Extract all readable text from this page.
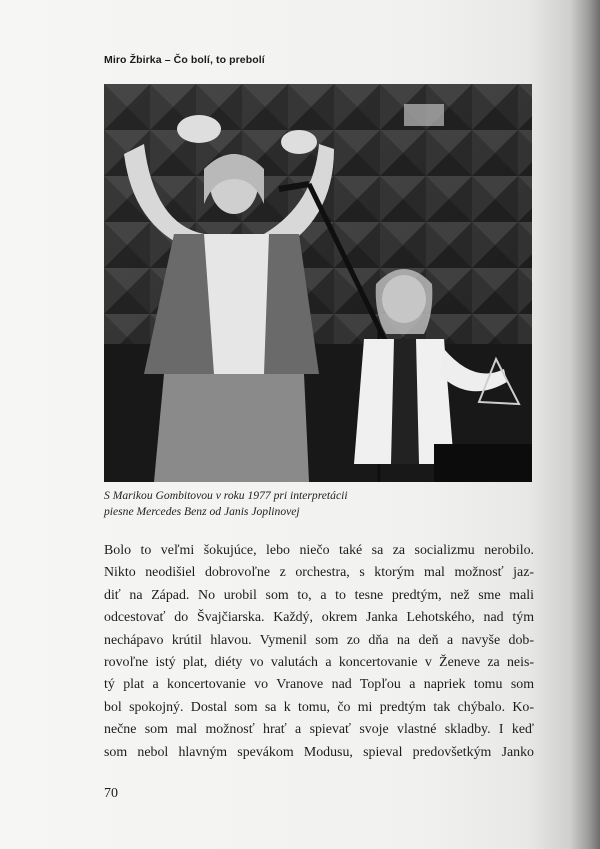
Miro Žbirka – Čo bolí, to prebolí
S Marikou Gombitovou v roku 1977 pri interpretácii
piesne Mercedes Benz od Janis Joplinovej
Bolo to veľmi šokujúce, lebo niečo také sa za socializmu nerobilo.
Nikto neodišiel dobrovoľne z orchestra, s ktorým mal možnosť jaz-
diť na Západ. No urobil som to, a to tesne predtým, než sme mali
odcestovať do Švajčiarska. Každý, okrem Janka Lehotského, nad tým
nechápavo krútil hlavou. Vymenil som zo dňa na deň a navyše dob-
rovoľne istý plat, diéty vo valutách a koncertovanie v Ženeve za neis-
tý plat a koncertovanie vo Vranove nad Topľou a napriek tomu som
bol spokojný. Dostal som sa k tomu, čo mi predtým tak chýbalo. Ko-
nečne som mal možnosť hrať a spievať svoje vlastné skladby. I keď
som nebol hlavným spevákom Modusu, spieval predovšetkým Janko
70
